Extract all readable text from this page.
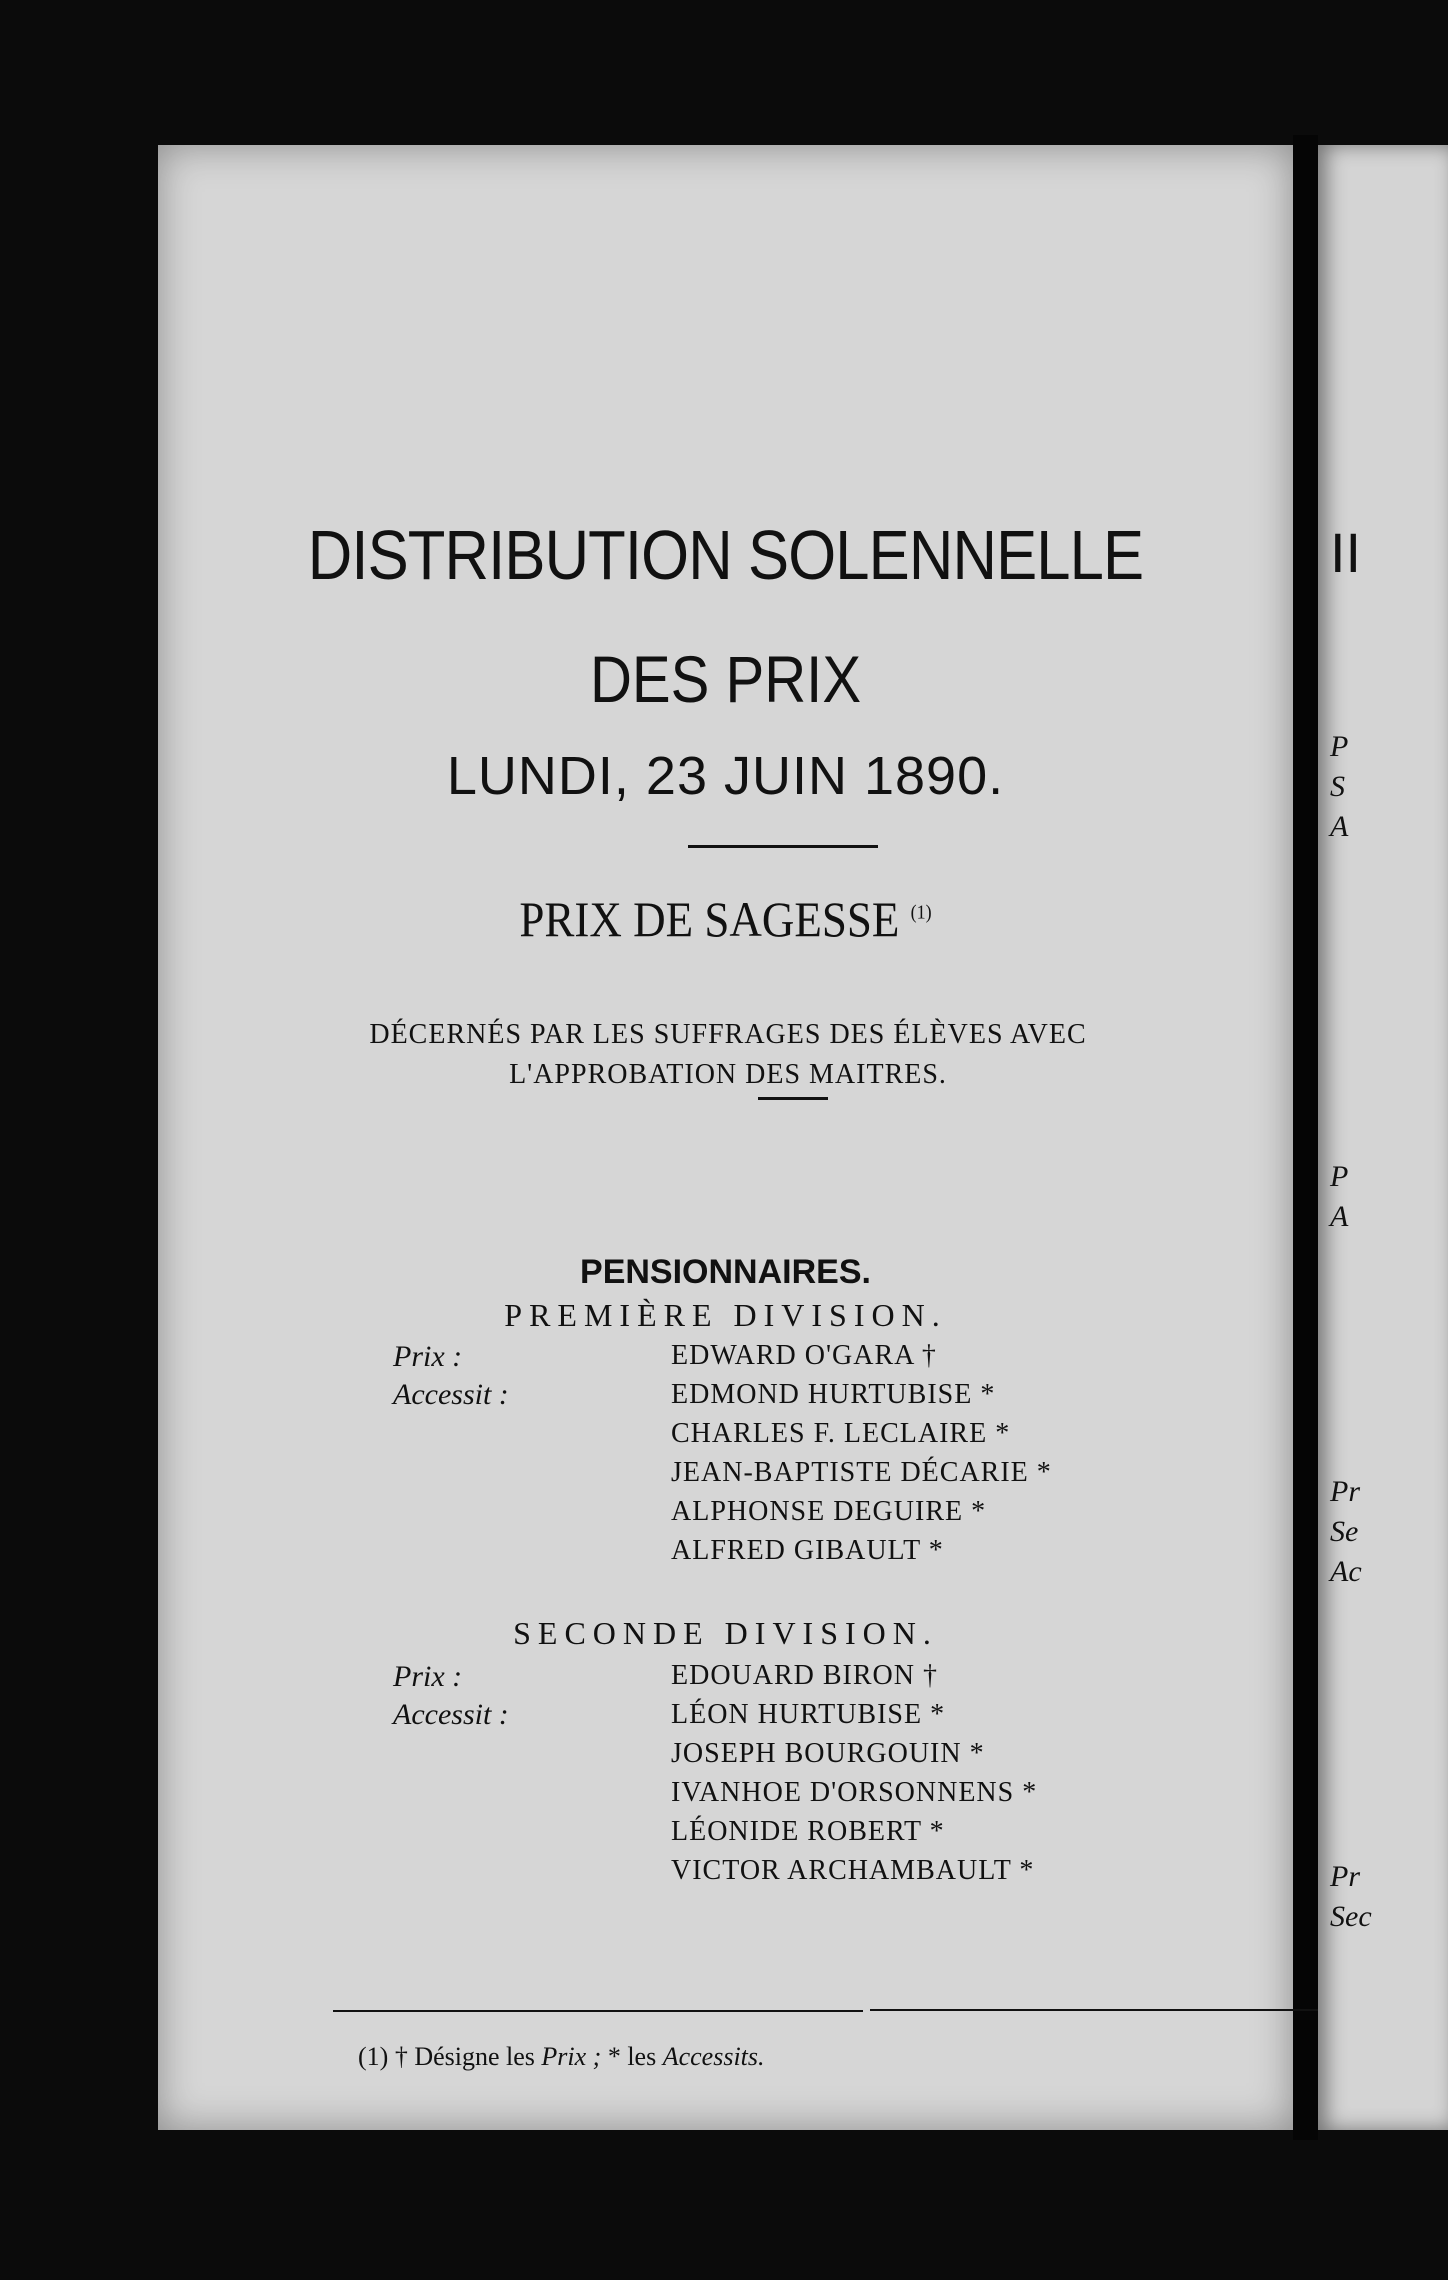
DISTRIBUTION SOLENNELLE
DES PRIX
LUNDI, 23 JUIN 1890.
PRIX DE SAGESSE $^{(1)}$
DÉCERNÉS PAR LES SUFFRAGES DES ÉLÈVES AVEC L'APPROBATION DES MAITRES.
PENSIONNAIRES.
PREMIÈRE DIVISION.
Prix :
Accessit :
EDWARD O'GARA †
EDMOND HURTUBISE *
CHARLES F. LECLAIRE *
JEAN-BAPTISTE DÉCARIE *
ALPHONSE DEGUIRE *
ALFRED GIBAULT *
SECONDE DIVISION.
Prix :
Accessit :
EDOUARD BIRON †
LÉON HURTUBISE *
JOSEPH BOURGOUIN *
IVANHOE D'ORSONNENS *
LÉONIDE ROBERT *
VICTOR ARCHAMBAULT *
(1) † Désigne les Prix ; * les Accessits.
II
P
S
A
P
A
Pr
Se
Ac
Pr
Sec
